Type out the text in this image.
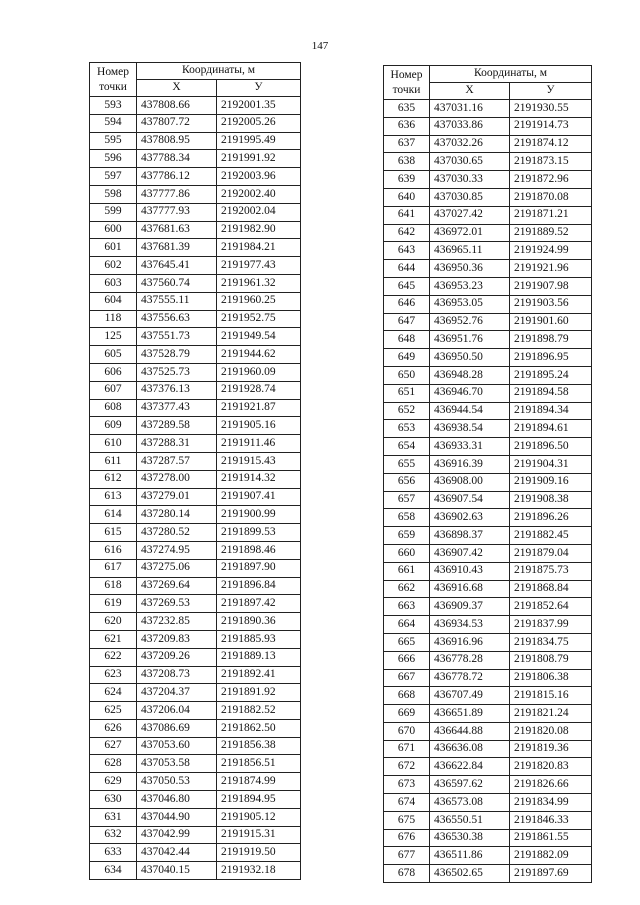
147
Номер
точки	Координаты, м	
	X	У
593	437808.66	2192001.35
594	437807.72	2192005.26
595	437808.95	2191995.49
596	437788.34	2191991.92
597	437786.12	2192003.96
598	437777.86	2192002.40
599	437777.93	2192002.04
600	437681.63	2191982.90
601	437681.39	2191984.21
602	437645.41	2191977.43
603	437560.74	2191961.32
604	437555.11	2191960.25
118	437556.63	2191952.75
125	437551.73	2191949.54
605	437528.79	2191944.62
606	437525.73	2191960.09
607	437376.13	2191928.74
608	437377.43	2191921.87
609	437289.58	2191905.16
610	437288.31	2191911.46
611	437287.57	2191915.43
612	437278.00	2191914.32
613	437279.01	2191907.41
614	437280.14	2191900.99
615	437280.52	2191899.53
616	437274.95	2191898.46
617	437275.06	2191897.90
618	437269.64	2191896.84
619	437269.53	2191897.42
620	437232.85	2191890.36
621	437209.83	2191885.93
622	437209.26	2191889.13
623	437208.73	2191892.41
624	437204.37	2191891.92
625	437206.04	2191882.52
626	437086.69	2191862.50
627	437053.60	2191856.38
628	437053.58	2191856.51
629	437050.53	2191874.99
630	437046.80	2191894.95
631	437044.90	2191905.12
632	437042.99	2191915.31
633	437042.44	2191919.50
634	437040.15	2191932.18
Номер
точки	Координаты, м	
	X	У
635	437031.16	2191930.55
636	437033.86	2191914.73
637	437032.26	2191874.12
638	437030.65	2191873.15
639	437030.33	2191872.96
640	437030.85	2191870.08
641	437027.42	2191871.21
642	436972.01	2191889.52
643	436965.11	2191924.99
644	436950.36	2191921.96
645	436953.23	2191907.98
646	436953.05	2191903.56
647	436952.76	2191901.60
648	436951.76	2191898.79
649	436950.50	2191896.95
650	436948.28	2191895.24
651	436946.70	2191894.58
652	436944.54	2191894.34
653	436938.54	2191894.61
654	436933.31	2191896.50
655	436916.39	2191904.31
656	436908.00	2191909.16
657	436907.54	2191908.38
658	436902.63	2191896.26
659	436898.37	2191882.45
660	436907.42	2191879.04
661	436910.43	2191875.73
662	436916.68	2191868.84
663	436909.37	2191852.64
664	436934.53	2191837.99
665	436916.96	2191834.75
666	436778.28	2191808.79
667	436778.72	2191806.38
668	436707.49	2191815.16
669	436651.89	2191821.24
670	436644.88	2191820.08
671	436636.08	2191819.36
672	436622.84	2191820.83
673	436597.62	2191826.66
674	436573.08	2191834.99
675	436550.51	2191846.33
676	436530.38	2191861.55
677	436511.86	2191882.09
678	436502.65	2191897.69
